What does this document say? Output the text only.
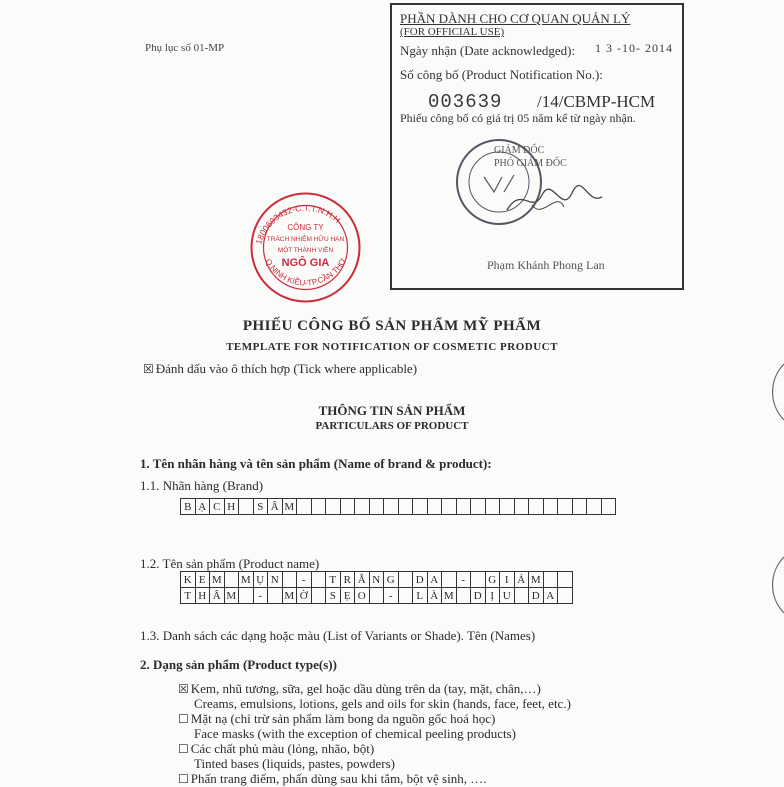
Phụ lục số 01-MP
1800693432-C.T.T.N.H.H
Q.NINH KIỀU-TP.CẦN THƠ
CÔNG TY
TRÁCH NHIỆM HỮU HẠN
MỘT THÀNH VIÊN
NGÔ GIA
PHẦN DÀNH CHO CƠ QUAN QUẢN LÝ
(FOR OFFICIAL USE)
Ngày nhận (Date acknowledged): 1 3 -10- 2014
Số công bố (Product Notification No.):
003639 /14/CBMP-HCM
Phiếu công bố có giá trị 05 năm kể từ ngày nhận.
GIÁM ĐỐC
PHÓ GIÁM ĐỐC
Phạm Khánh Phong Lan
PHIẾU CÔNG BỐ SẢN PHẨM MỸ PHẨM
TEMPLATE FOR NOTIFICATION OF COSMETIC PRODUCT
☒ Đánh dấu vào ô thích hợp (Tick where applicable)
THÔNG TIN SẢN PHẨM
PARTICULARS OF PRODUCT
1. Tên nhãn hàng và tên sản phẩm (Name of brand & product):
1.1. Nhãn hàng (Brand)
B	Ạ	C	H		S	Â	M																						
1.2. Tên sản phẩm (Product name)
K	E	M		M	Ụ	N		-		T	R	Ắ	N	G		D	A		-		G	I	Ả	M		
T	H	Â	M		-		M	Ờ		S	Ẹ	O		-		L	À	M		D	Ị	U		D	A	
1.3. Danh sách các dạng hoặc màu (List of Variants or Shade). Tên (Names)
2. Dạng sản phẩm (Product type(s))
☒ Kem, nhũ tương, sữa, gel hoặc dầu dùng trên da (tay, mặt, chân,…)
Creams, emulsions, lotions, gels and oils for skin (hands, face, feet, etc.)
☐ Mặt nạ (chỉ trừ sản phẩm làm bong da nguồn gốc hoá học)
Face masks (with the exception of chemical peeling products)
☐ Các chất phủ màu (lỏng, nhão, bột)
Tinted bases (liquids, pastes, powders)
☐ Phấn trang điểm, phấn dùng sau khi tắm, bột vệ sinh, ….
